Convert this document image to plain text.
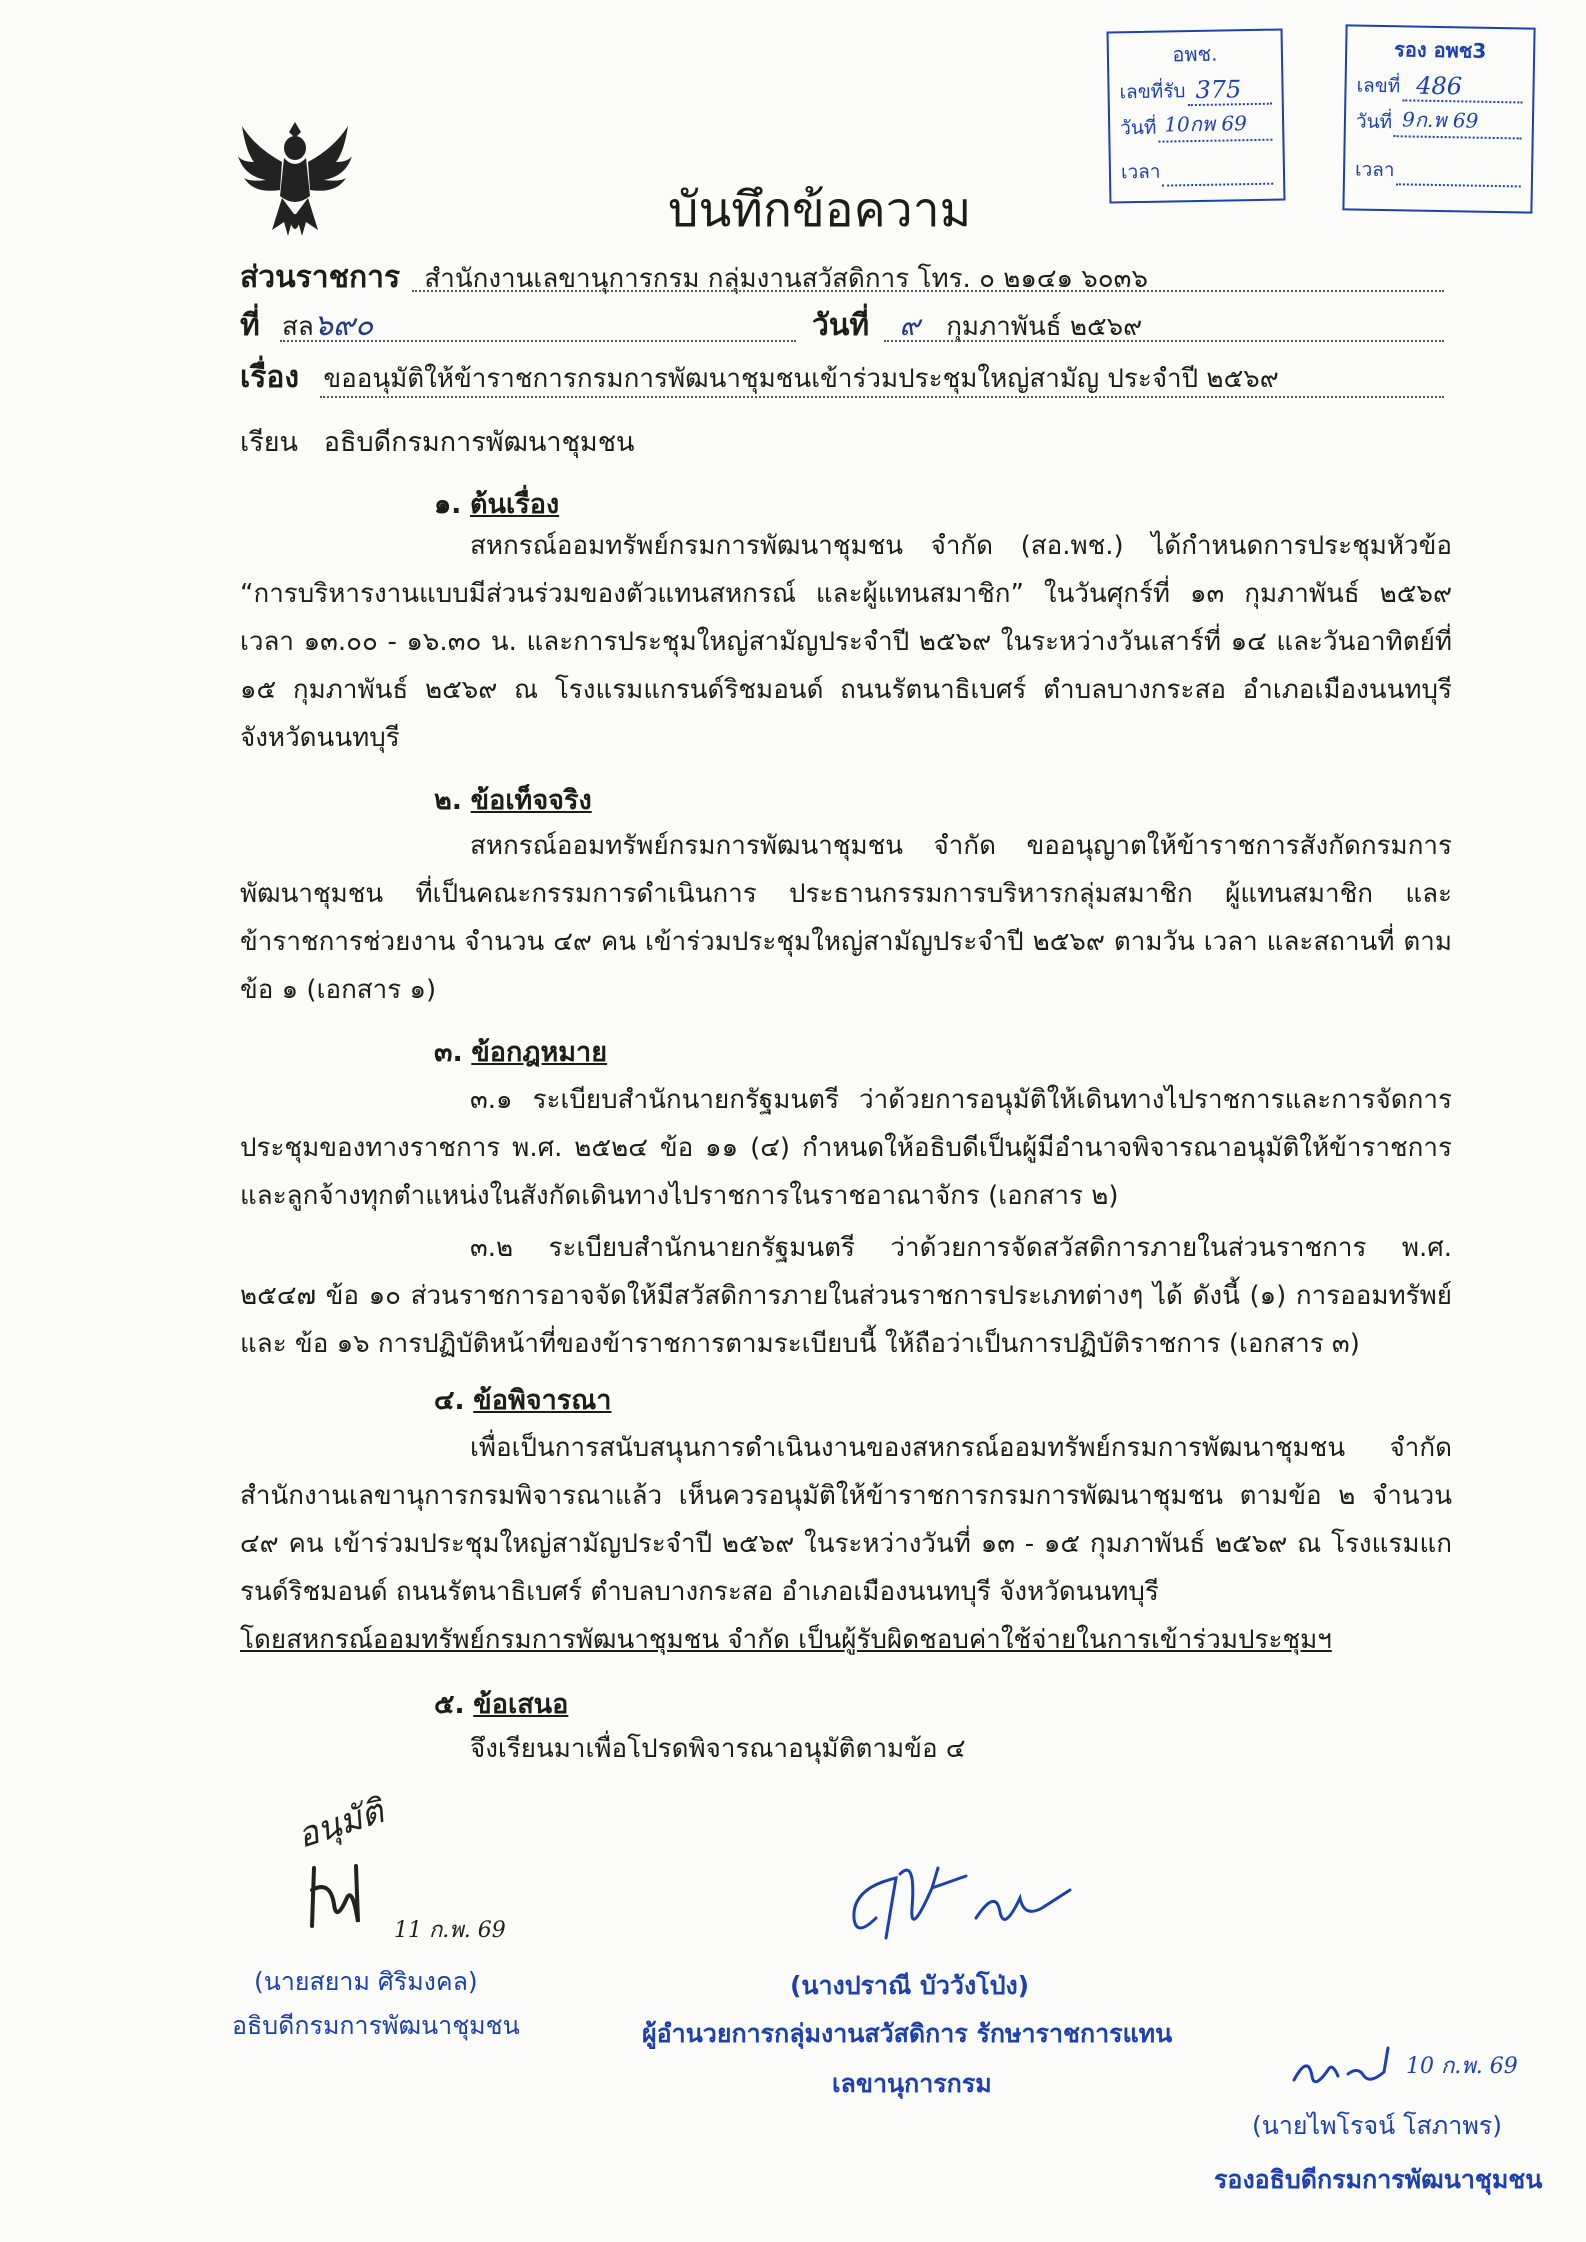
อพช.
เลขที่รับ 375
วันที่ 10กพ 69
เวลา
รอง อพช3
เลขที่ 486
วันที่ 9ก.พ 69
เวลา
บันทึกข้อความ
ส่วนราชการ สำนักงานเลขานุการกรม กลุ่มงานสวัสดิการ โทร. ๐ ๒๑๔๑ ๖๐๓๖
ที่ สล๖๙๐	วันที่ ๙ กุมภาพันธ์ ๒๕๖๙
เรื่อง ขออนุมัติให้ข้าราชการกรมการพัฒนาชุมชนเข้าร่วมประชุมใหญ่สามัญ ประจำปี ๒๕๖๙
เรียน   อธิบดีกรมการพัฒนาชุมชน
๑. ต้นเรื่อง
สหกรณ์ออมทรัพย์กรมการพัฒนาชุมชน จำกัด (สอ.พช.) ได้กำหนดการประชุมหัวข้อ “การบริหารงานแบบมีส่วนร่วมของตัวแทนสหกรณ์ และผู้แทนสมาชิก” ในวันศุกร์ที่ ๑๓ กุมภาพันธ์ ๒๕๖๙ เวลา ๑๓.๐๐ - ๑๖.๓๐ น. และการประชุมใหญ่สามัญประจำปี ๒๕๖๙ ในระหว่างวันเสาร์ที่ ๑๔ และวันอาทิตย์ที่ ๑๕ กุมภาพันธ์ ๒๕๖๙ ณ โรงแรมแกรนด์ริชมอนด์ ถนนรัตนาธิเบศร์ ตำบลบางกระสอ อำเภอเมืองนนทบุรี จังหวัดนนทบุรี
๒. ข้อเท็จจริง
สหกรณ์ออมทรัพย์กรมการพัฒนาชุมชน จำกัด ขออนุญาตให้ข้าราชการสังกัดกรมการพัฒนาชุมชน ที่เป็นคณะกรรมการดำเนินการ ประธานกรรมการบริหารกลุ่มสมาชิก ผู้แทนสมาชิก และข้าราชการช่วยงาน จำนวน ๔๙ คน เข้าร่วมประชุมใหญ่สามัญประจำปี ๒๕๖๙ ตามวัน เวลา และสถานที่ ตามข้อ ๑ (เอกสาร ๑)
๓. ข้อกฎหมาย
๓.๑ ระเบียบสำนักนายกรัฐมนตรี ว่าด้วยการอนุมัติให้เดินทางไปราชการและการจัดการประชุมของทางราชการ พ.ศ. ๒๕๒๔ ข้อ ๑๑ (๔) กำหนดให้อธิบดีเป็นผู้มีอำนาจพิจารณาอนุมัติให้ข้าราชการและลูกจ้างทุกตำแหน่งในสังกัดเดินทางไปราชการในราชอาณาจักร (เอกสาร ๒)
๓.๒ ระเบียบสำนักนายกรัฐมนตรี ว่าด้วยการจัดสวัสดิการภายในส่วนราชการ พ.ศ. ๒๕๔๗ ข้อ ๑๐ ส่วนราชการอาจจัดให้มีสวัสดิการภายในส่วนราชการประเภทต่างๆ ได้ ดังนี้ (๑) การออมทรัพย์ และ ข้อ ๑๖ การปฏิบัติหน้าที่ของข้าราชการตามระเบียบนี้ ให้ถือว่าเป็นการปฏิบัติราชการ (เอกสาร ๓)
๔. ข้อพิจารณา
เพื่อเป็นการสนับสนุนการดำเนินงานของสหกรณ์ออมทรัพย์กรมการพัฒนาชุมชน จำกัด สำนักงานเลขานุการกรมพิจารณาแล้ว เห็นควรอนุมัติให้ข้าราชการกรมการพัฒนาชุมชน ตามข้อ ๒ จำนวน ๔๙ คน เข้าร่วมประชุมใหญ่สามัญประจำปี ๒๕๖๙ ในระหว่างวันที่ ๑๓ - ๑๕ กุมภาพันธ์ ๒๕๖๙ ณ โรงแรมแกรนด์ริชมอนด์ ถนนรัตนาธิเบศร์ ตำบลบางกระสอ อำเภอเมืองนนทบุรี จังหวัดนนทบุรี
โดยสหกรณ์ออมทรัพย์กรมการพัฒนาชุมชน จำกัด เป็นผู้รับผิดชอบค่าใช้จ่ายในการเข้าร่วมประชุมฯ
๕. ข้อเสนอ
จึงเรียนมาเพื่อโปรดพิจารณาอนุมัติตามข้อ ๔
อนุมัติ
11 ก.พ. 69
(นายสยาม ศิริมงคล)
อธิบดีกรมการพัฒนาชุมชน
(นางปราณี บัววังโป่ง)
ผู้อำนวยการกลุ่มงานสวัสดิการ รักษาราชการแทน
เลขานุการกรม
10 ก.พ. 69
(นายไพโรจน์ โสภาพร)
รองอธิบดีกรมการพัฒนาชุมชน
